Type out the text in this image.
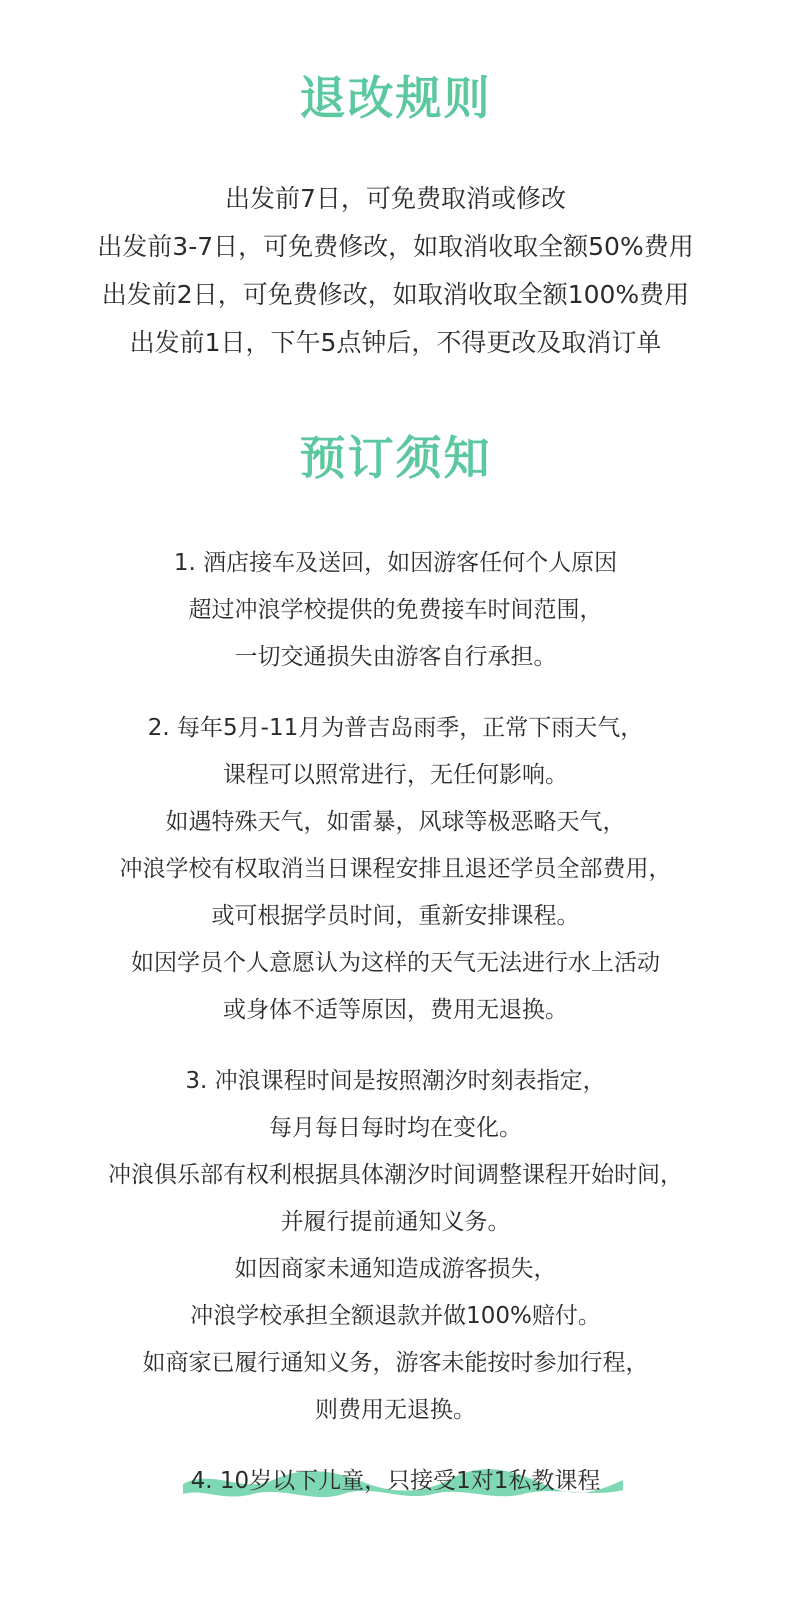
退改规则
出发前7日，可免费取消或修改
出发前3-7日，可免费修改，如取消收取全额50%费用
出发前2日，可免费修改，如取消收取全额100%费用
出发前1日，下午5点钟后，不得更改及取消订单
预订须知
1. 酒店接车及送回，如因游客任何个人原因
超过冲浪学校提供的免费接车时间范围，
一切交通损失由游客自行承担。
2. 每年5月-11月为普吉岛雨季，正常下雨天气，
课程可以照常进行，无任何影响。
如遇特殊天气，如雷暴，风球等极恶略天气，
冲浪学校有权取消当日课程安排且退还学员全部费用，
或可根据学员时间，重新安排课程。
如因学员个人意愿认为这样的天气无法进行水上活动
或身体不适等原因，费用无退换。
3. 冲浪课程时间是按照潮汐时刻表指定，
每月每日每时均在变化。
冲浪俱乐部有权利根据具体潮汐时间调整课程开始时间，
并履行提前通知义务。
如因商家未通知造成游客损失，
冲浪学校承担全额退款并做100%赔付。
如商家已履行通知义务，游客未能按时参加行程，
则费用无退换。
4. 10岁以下儿童，只接受1对1私教课程
